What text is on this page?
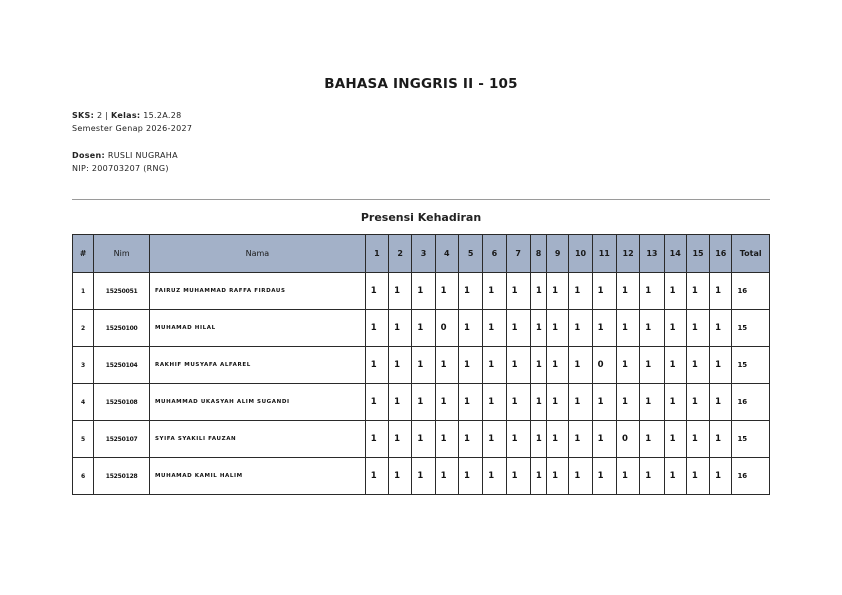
BAHASA INGGRIS II - 105
SKS: 2 | Kelas: 15.2A.28
Semester Genap 2026-2027
Dosen: RUSLI NUGRAHA
NIP: 200703207 (RNG)
Presensi Kehadiran
#	Nim	Nama	1	2	3	4	5	6	7	8	9	10	11	12	13	14	15	16	Total
1	15250051	FAIRUZ MUHAMMAD RAFFA FIRDAUS	1	1	1	1	1	1	1	1	1	1	1	1	1	1	1	1	16
2	15250100	MUHAMAD HILAL	1	1	1	0	1	1	1	1	1	1	1	1	1	1	1	1	15
3	15250104	RAKHIF MUSYAFA ALFAREL	1	1	1	1	1	1	1	1	1	1	0	1	1	1	1	1	15
4	15250108	MUHAMMAD UKASYAH ALIM SUGANDI	1	1	1	1	1	1	1	1	1	1	1	1	1	1	1	1	16
5	15250107	SYIFA SYAKILI FAUZAN	1	1	1	1	1	1	1	1	1	1	1	0	1	1	1	1	15
6	15250128	MUHAMAD KAMIL HALIM	1	1	1	1	1	1	1	1	1	1	1	1	1	1	1	1	16
